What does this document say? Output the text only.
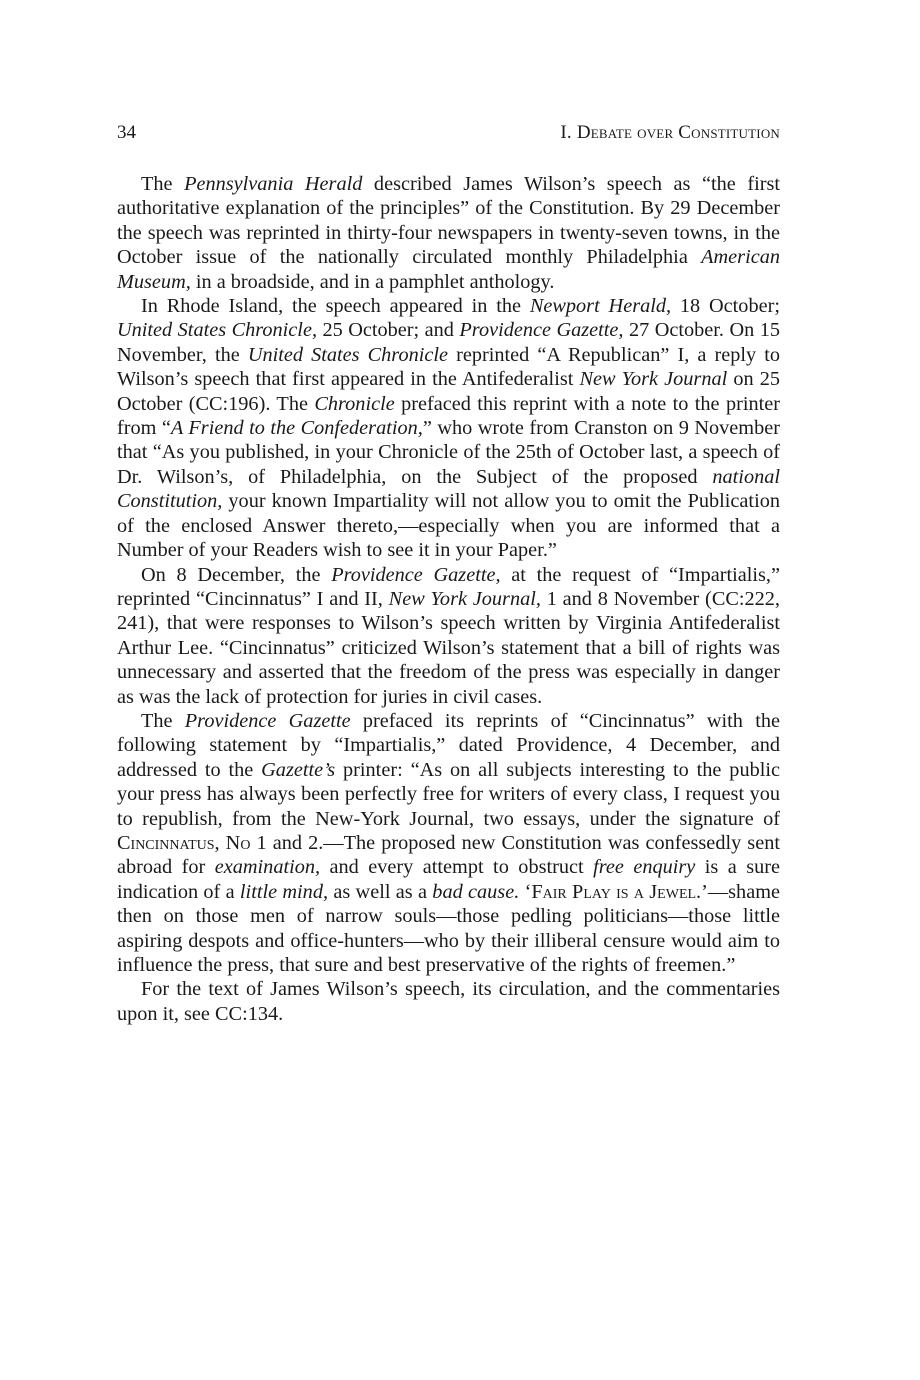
34	I. Debate over Constitution

The Pennsylvania Herald described James Wilson’s speech as “the first authoritative explanation of the principles” of the Constitution. By 29 December the speech was reprinted in thirty-four newspapers in twenty-seven towns, in the October issue of the nationally circulated monthly Philadelphia American Museum, in a broadside, and in a pamphlet anthology.

In Rhode Island, the speech appeared in the Newport Herald, 18 October; United States Chronicle, 25 October; and Providence Gazette, 27 October. On 15 November, the United States Chronicle reprinted “A Republican” I, a reply to Wilson’s speech that first appeared in the Antifederalist New York Journal on 25 October (CC:196). The Chronicle prefaced this reprint with a note to the printer from “A Friend to the Confederation,” who wrote from Cranston on 9 November that “As you published, in your Chronicle of the 25th of October last, a speech of Dr. Wilson’s, of Philadelphia, on the Subject of the proposed national Constitution, your known Impartiality will not allow you to omit the Publication of the enclosed Answer thereto,—especially when you are informed that a Number of your Readers wish to see it in your Paper.”

On 8 December, the Providence Gazette, at the request of “Impartialis,” reprinted “Cincinnatus” I and II, New York Journal, 1 and 8 November (CC:222, 241), that were responses to Wilson’s speech written by Virginia Antifederalist Arthur Lee. “Cincinnatus” criticized Wilson’s statement that a bill of rights was unnecessary and asserted that the freedom of the press was especially in danger as was the lack of protection for juries in civil cases.

The Providence Gazette prefaced its reprints of “Cincinnatus” with the following statement by “Impartialis,” dated Providence, 4 December, and addressed to the Gazette’s printer: “As on all subjects interesting to the public your press has always been perfectly free for writers of every class, I request you to republish, from the New-York Journal, two essays, under the signature of Cincinnatus, No 1 and 2.—The proposed new Constitution was confessedly sent abroad for examination, and every attempt to obstruct free enquiry is a sure indication of a little mind, as well as a bad cause. ‘Fair Play is a Jewel.’—shame then on those men of narrow souls—those pedling politicians—those little aspiring despots and office-hunters—who by their illiberal censure would aim to influence the press, that sure and best preservative of the rights of freemen.”

For the text of James Wilson’s speech, its circulation, and the commentaries upon it, see CC:134.
